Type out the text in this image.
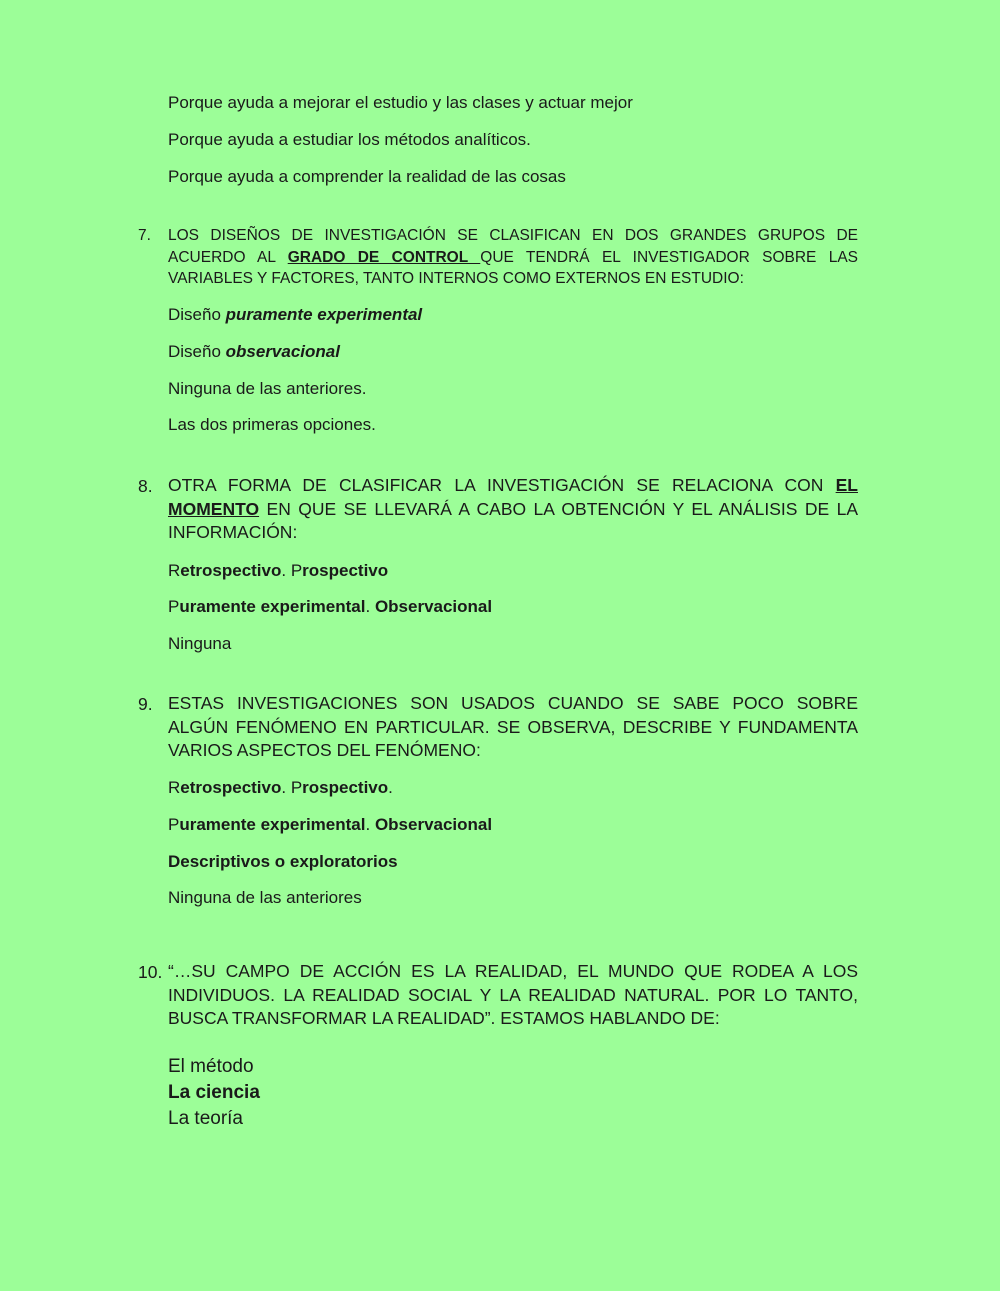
Porque ayuda a mejorar el estudio y las clases y actuar mejor
Porque ayuda a estudiar los métodos analíticos.
Porque ayuda a comprender la realidad de las cosas
7. LOS DISEÑOS DE INVESTIGACIÓN SE CLASIFICAN EN DOS GRANDES GRUPOS DE ACUERDO AL GRADO DE CONTROL QUE TENDRÁ EL INVESTIGADOR SOBRE LAS VARIABLES Y FACTORES, TANTO INTERNOS COMO EXTERNOS EN ESTUDIO:
Diseño puramente experimental
Diseño observacional
Ninguna de las anteriores.
Las dos primeras opciones.
8. OTRA FORMA DE CLASIFICAR LA INVESTIGACIÓN SE RELACIONA CON EL MOMENTO EN QUE SE LLEVARÁ A CABO LA OBTENCIÓN Y EL ANÁLISIS DE LA INFORMACIÓN:
Retrospectivo. Prospectivo
Puramente experimental. Observacional
Ninguna
9. ESTAS INVESTIGACIONES SON USADOS CUANDO SE SABE POCO SOBRE ALGÚN FENÓMENO EN PARTICULAR. SE OBSERVA, DESCRIBE Y FUNDAMENTA VARIOS ASPECTOS DEL FENÓMENO:
Retrospectivo. Prospectivo.
Puramente experimental. Observacional
Descriptivos o exploratorios
Ninguna de las anteriores
10. “…SU CAMPO DE ACCIÓN ES LA REALIDAD, EL MUNDO QUE RODEA A LOS INDIVIDUOS. LA REALIDAD SOCIAL Y LA REALIDAD NATURAL. POR LO TANTO, BUSCA TRANSFORMAR LA REALIDAD”. ESTAMOS HABLANDO DE:
El método
La ciencia
La teoría
